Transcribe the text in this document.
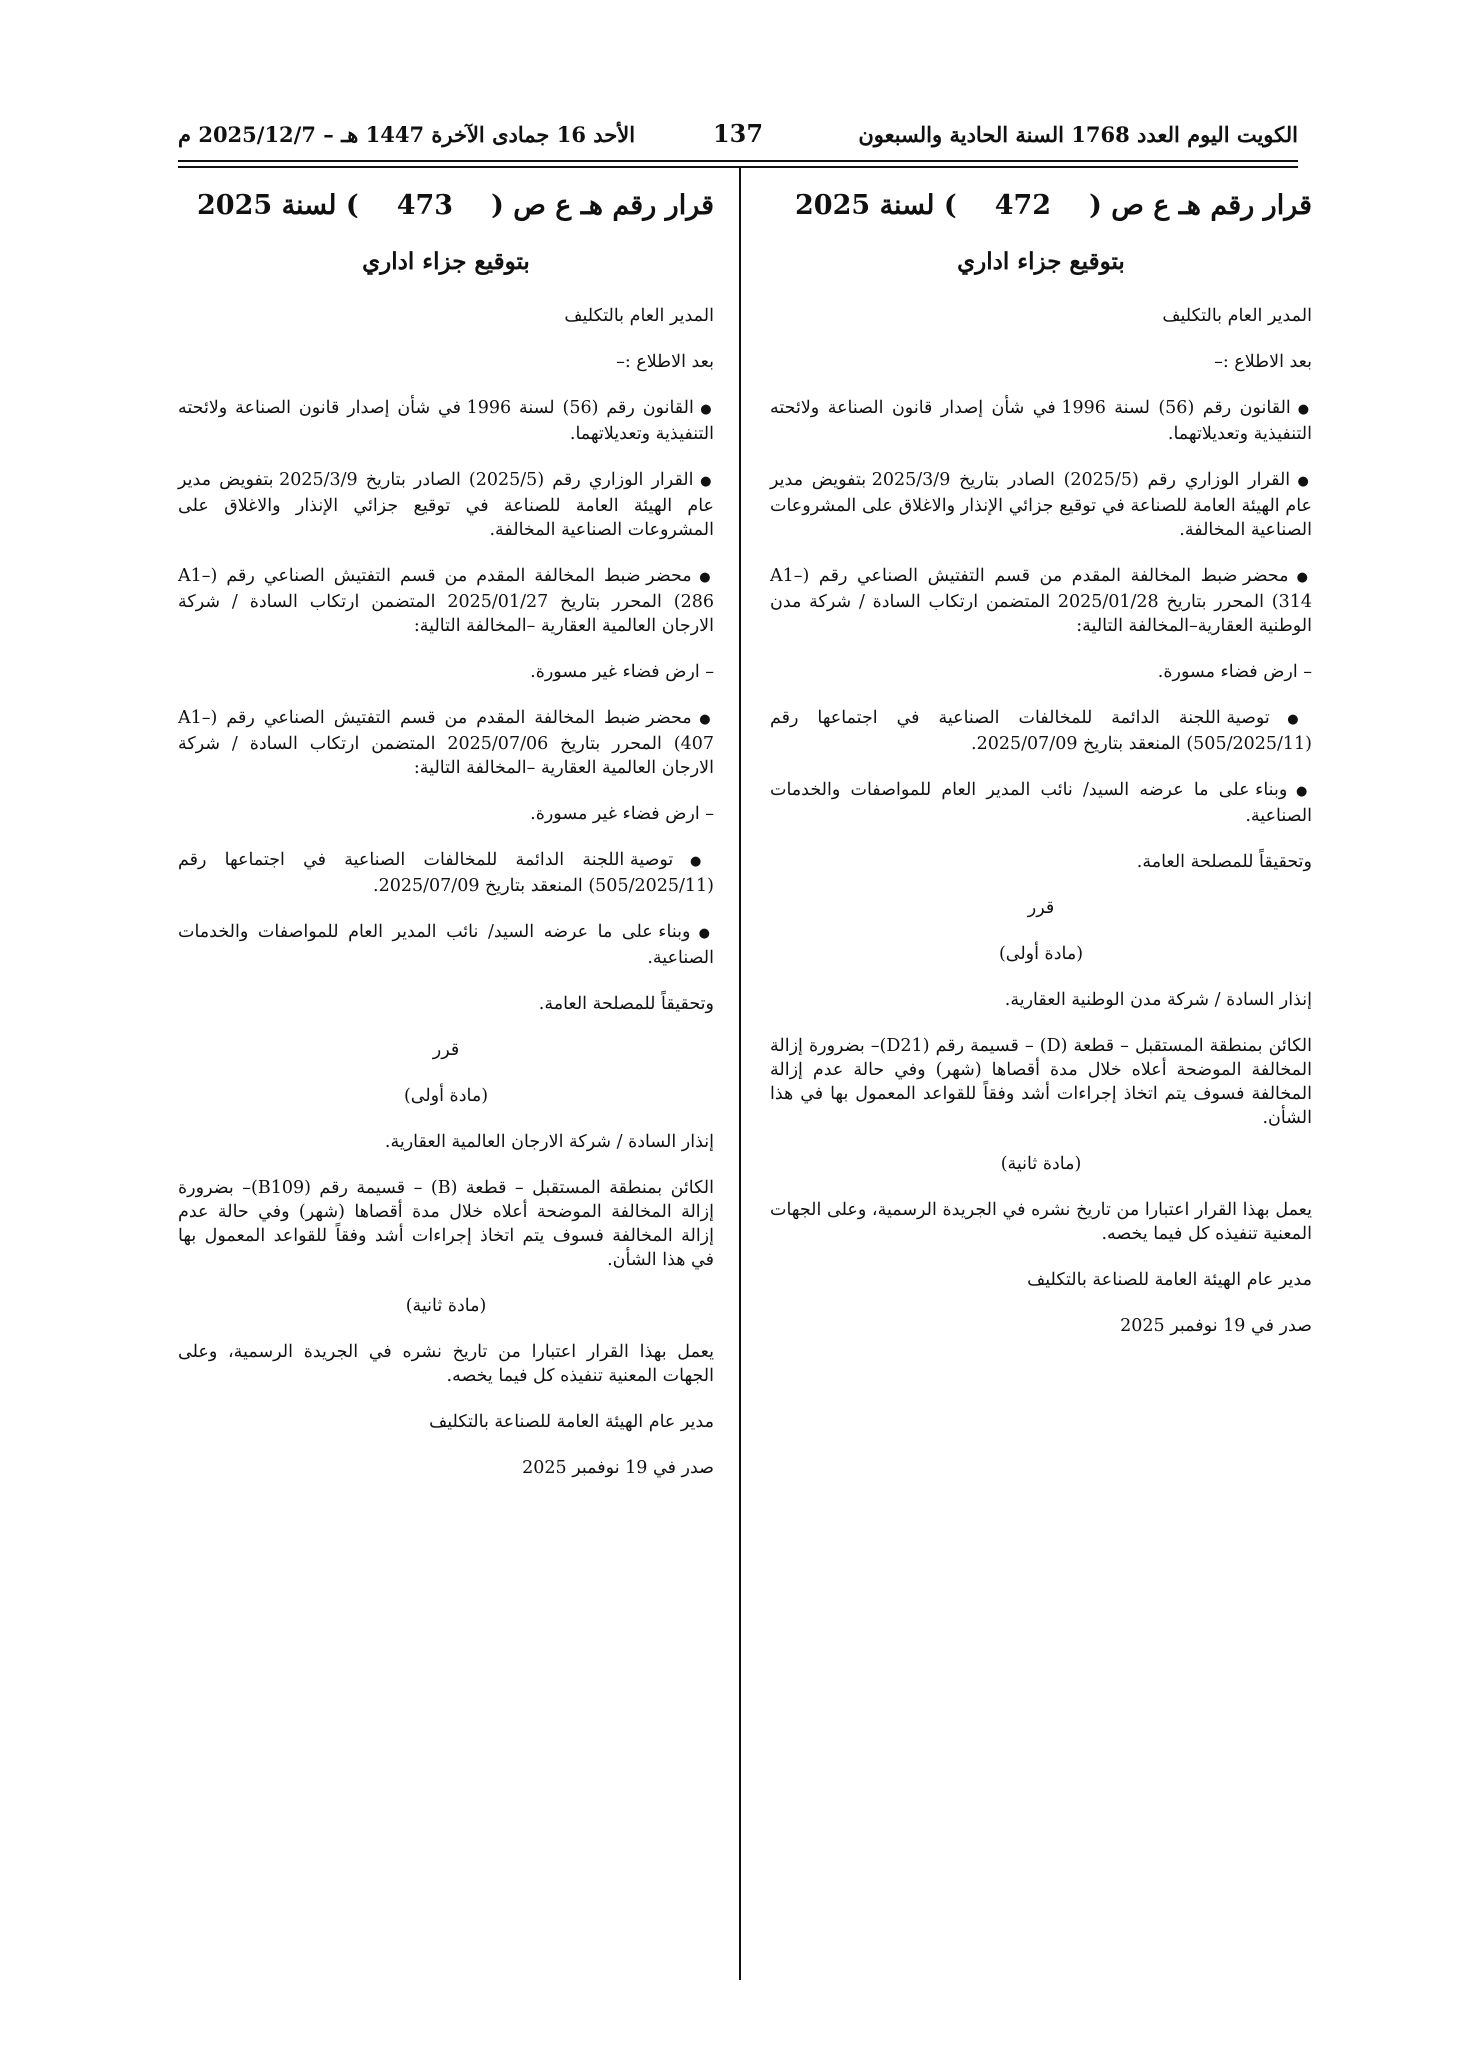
الكويت اليوم العدد 1768 السنة الحادية والسبعون
137
الأحد 16 جمادى الآخرة 1447 هـ – 2025/12/7 م
قرار رقم هـ ع ص (472) لسنة 2025
بتوقيع جزاء اداري
المدير العام بالتكليف
بعد الاطلاع :–
● القانون رقم (56) لسنة 1996 في شأن إصدار قانون الصناعة ولائحته التنفيذية وتعديلاتهما.
● القرار الوزاري رقم (2025/5) الصادر بتاريخ 2025/3/9 بتفويض مدير عام الهيئة العامة للصناعة في توقيع جزائي الإنذار والاغلاق على المشروعات الصناعية المخالفة.
● محضر ضبط المخالفة المقدم من قسم التفتيش الصناعي رقم (A1–314) المحرر بتاريخ 2025/01/28 المتضمن ارتكاب السادة / شركة مدن الوطنية العقارية–المخالفة التالية:
– ارض فضاء مسورة.
● توصية اللجنة الدائمة للمخالفات الصناعية في اجتماعها رقم (505/2025/11) المنعقد بتاريخ 2025/07/09.
● وبناء على ما عرضه السيد/ نائب المدير العام للمواصفات والخدمات الصناعية.
وتحقيقاً للمصلحة العامة.
قرر
(مادة أولى)
إنذار السادة / شركة مدن الوطنية العقارية.
الكائن بمنطقة المستقبل – قطعة (D) – قسيمة رقم (D21)– بضرورة إزالة المخالفة الموضحة أعلاه خلال مدة أقصاها (شهر) وفي حالة عدم إزالة المخالفة فسوف يتم اتخاذ إجراءات أشد وفقاً للقواعد المعمول بها في هذا الشأن.
(مادة ثانية)
يعمل بهذا القرار اعتبارا من تاريخ نشره في الجريدة الرسمية، وعلى الجهات المعنية تنفيذه كل فيما يخصه.
مدير عام الهيئة العامة للصناعة بالتكليف
صدر في 19 نوفمبر 2025
قرار رقم هـ ع ص (473) لسنة 2025
بتوقيع جزاء اداري
المدير العام بالتكليف
بعد الاطلاع :–
● القانون رقم (56) لسنة 1996 في شأن إصدار قانون الصناعة ولائحته التنفيذية وتعديلاتهما.
● القرار الوزاري رقم (2025/5) الصادر بتاريخ 2025/3/9 بتفويض مدير عام الهيئة العامة للصناعة في توقيع جزائي الإنذار والاغلاق على المشروعات الصناعية المخالفة.
● محضر ضبط المخالفة المقدم من قسم التفتيش الصناعي رقم (A1–286) المحرر بتاريخ 2025/01/27 المتضمن ارتكاب السادة / شركة الارجان العالمية العقارية –المخالفة التالية:
– ارض فضاء غير مسورة.
● محضر ضبط المخالفة المقدم من قسم التفتيش الصناعي رقم (A1–407) المحرر بتاريخ 2025/07/06 المتضمن ارتكاب السادة / شركة الارجان العالمية العقارية –المخالفة التالية:
– ارض فضاء غير مسورة.
● توصية اللجنة الدائمة للمخالفات الصناعية في اجتماعها رقم (505/2025/11) المنعقد بتاريخ 2025/07/09.
● وبناء على ما عرضه السيد/ نائب المدير العام للمواصفات والخدمات الصناعية.
وتحقيقاً للمصلحة العامة.
قرر
(مادة أولى)
إنذار السادة / شركة الارجان العالمية العقارية.
الكائن بمنطقة المستقبل – قطعة (B) – قسيمة رقم (B109)– بضرورة إزالة المخالفة الموضحة أعلاه خلال مدة أقصاها (شهر) وفي حالة عدم إزالة المخالفة فسوف يتم اتخاذ إجراءات أشد وفقاً للقواعد المعمول بها في هذا الشأن.
(مادة ثانية)
يعمل بهذا القرار اعتبارا من تاريخ نشره في الجريدة الرسمية، وعلى الجهات المعنية تنفيذه كل فيما يخصه.
مدير عام الهيئة العامة للصناعة بالتكليف
صدر في 19 نوفمبر 2025
